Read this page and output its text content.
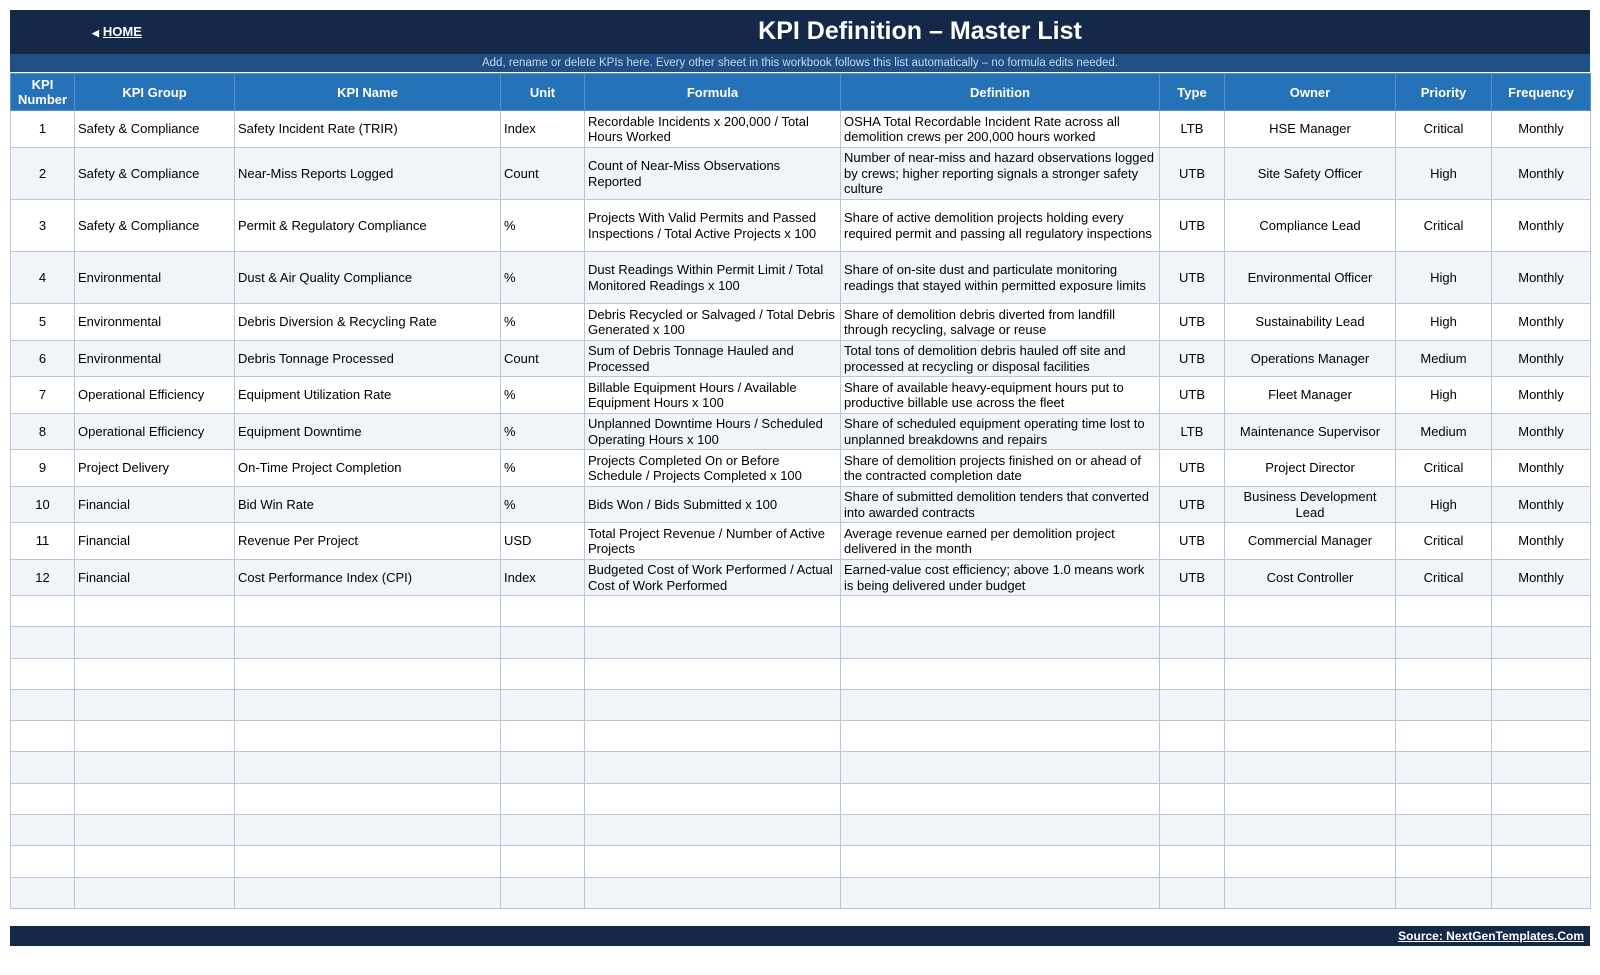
◀ HOME	KPI Definition – Master List
Add, rename or delete KPIs here. Every other sheet in this workbook follows this list automatically – no formula edits needed.
KPI Number	KPI Group	KPI Name	Unit	Formula	Definition	Type	Owner	Priority	Frequency
1	Safety & Compliance	Safety Incident Rate (TRIR)	Index	Recordable Incidents x 200,000 / Total Hours Worked	OSHA Total Recordable Incident Rate across all demolition crews per 200,000 hours worked	LTB	HSE Manager	Critical	Monthly
2	Safety & Compliance	Near-Miss Reports Logged	Count	Count of Near-Miss Observations Reported	Number of near-miss and hazard observations logged by crews; higher reporting signals a stronger safety culture	UTB	Site Safety Officer	High	Monthly
3	Safety & Compliance	Permit & Regulatory Compliance	%	Projects With Valid Permits and Passed Inspections / Total Active Projects x 100	Share of active demolition projects holding every required permit and passing all regulatory inspections	UTB	Compliance Lead	Critical	Monthly
4	Environmental	Dust & Air Quality Compliance	%	Dust Readings Within Permit Limit / Total Monitored Readings x 100	Share of on-site dust and particulate monitoring readings that stayed within permitted exposure limits	UTB	Environmental Officer	High	Monthly
5	Environmental	Debris Diversion & Recycling Rate	%	Debris Recycled or Salvaged / Total Debris Generated x 100	Share of demolition debris diverted from landfill through recycling, salvage or reuse	UTB	Sustainability Lead	High	Monthly
6	Environmental	Debris Tonnage Processed	Count	Sum of Debris Tonnage Hauled and Processed	Total tons of demolition debris hauled off site and processed at recycling or disposal facilities	UTB	Operations Manager	Medium	Monthly
7	Operational Efficiency	Equipment Utilization Rate	%	Billable Equipment Hours / Available Equipment Hours x 100	Share of available heavy-equipment hours put to productive billable use across the fleet	UTB	Fleet Manager	High	Monthly
8	Operational Efficiency	Equipment Downtime	%	Unplanned Downtime Hours / Scheduled Operating Hours x 100	Share of scheduled equipment operating time lost to unplanned breakdowns and repairs	LTB	Maintenance Supervisor	Medium	Monthly
9	Project Delivery	On-Time Project Completion	%	Projects Completed On or Before Schedule / Projects Completed x 100	Share of demolition projects finished on or ahead of the contracted completion date	UTB	Project Director	Critical	Monthly
10	Financial	Bid Win Rate	%	Bids Won / Bids Submitted x 100	Share of submitted demolition tenders that converted into awarded contracts	UTB	Business Development Lead	High	Monthly
11	Financial	Revenue Per Project	USD	Total Project Revenue / Number of Active Projects	Average revenue earned per demolition project delivered in the month	UTB	Commercial Manager	Critical	Monthly
12	Financial	Cost Performance Index (CPI)	Index	Budgeted Cost of Work Performed / Actual Cost of Work Performed	Earned-value cost efficiency; above 1.0 means work is being delivered under budget	UTB	Cost Controller	Critical	Monthly

Source: NextGenTemplates.Com
